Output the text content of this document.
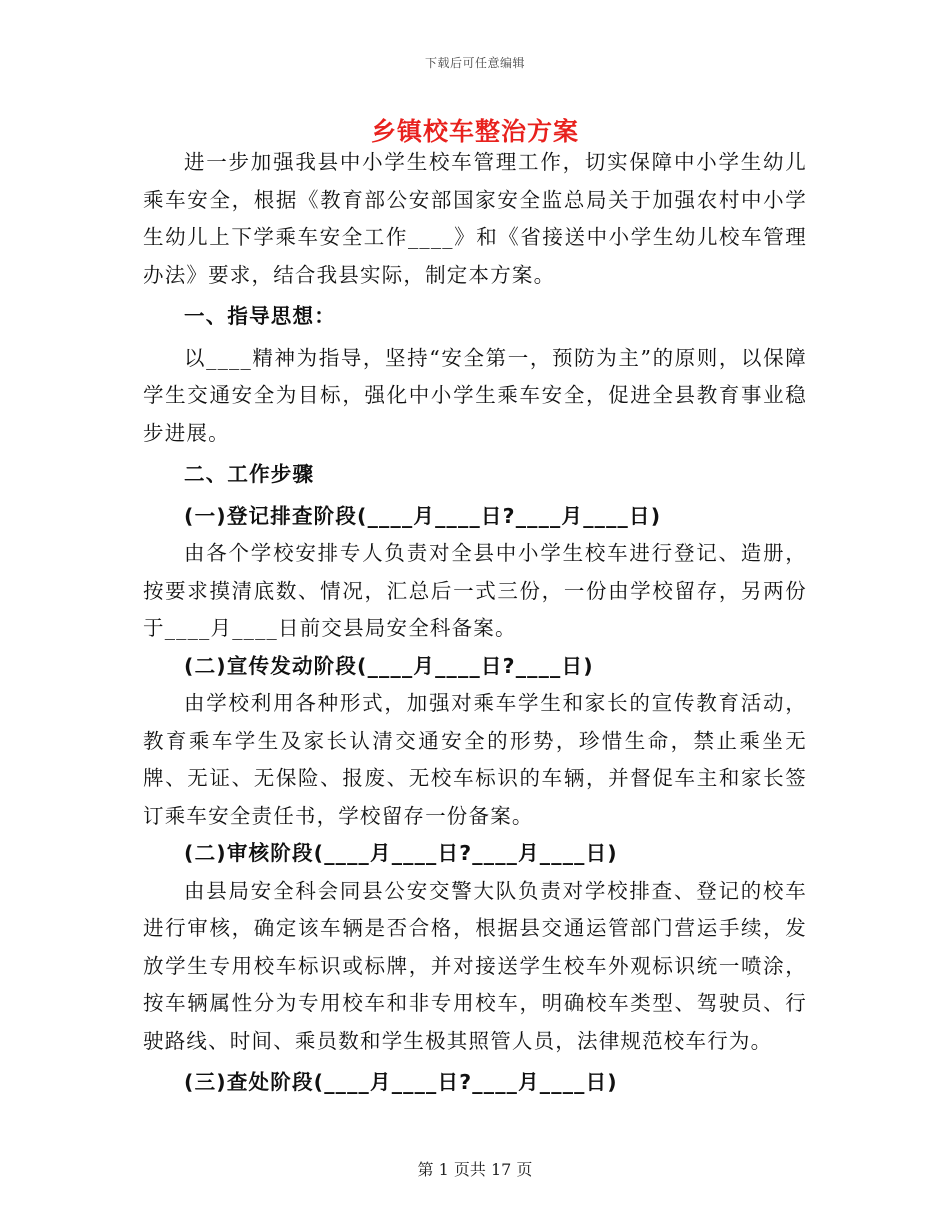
下载后可任意编辑
乡镇校车整治方案

进一步加强我县中小学生校车管理工作，切实保障中小学生幼儿乘车安全，根据《教育部公安部国家安全监总局关于加强农村中小学生幼儿上下学乘车安全工作____》和《省接送中小学生幼儿校车管理办法》要求，结合我县实际，制定本方案。

一、指导思想：

以____精神为指导，坚持“安全第一，预防为主”的原则，以保障学生交通安全为目标，强化中小学生乘车安全，促进全县教育事业稳步进展。

二、工作步骤
(一)登记排查阶段(____月____日?____月____日)

由各个学校安排专人负责对全县中小学生校车进行登记、造册，按要求摸清底数、情况，汇总后一式三份，一份由学校留存，另两份于____月____日前交县局安全科备案。

(二)宣传发动阶段(____月____日?____日)

由学校利用各种形式，加强对乘车学生和家长的宣传教育活动，教育乘车学生及家长认清交通安全的形势，珍惜生命，禁止乘坐无牌、无证、无保险、报废、无校车标识的车辆，并督促车主和家长签订乘车安全责任书，学校留存一份备案。

(二)审核阶段(____月____日?____月____日)

由县局安全科会同县公安交警大队负责对学校排查、登记的校车进行审核，确定该车辆是否合格，根据县交通运管部门营运手续，发放学生专用校车标识或标牌，并对接送学生校车外观标识统一喷涂，按车辆属性分为专用校车和非专用校车，明确校车类型、驾驶员、行驶路线、时间、乘员数和学生极其照管人员，法律规范校车行为。

(三)查处阶段(____月____日?____月____日)
第 1 页共 17 页
